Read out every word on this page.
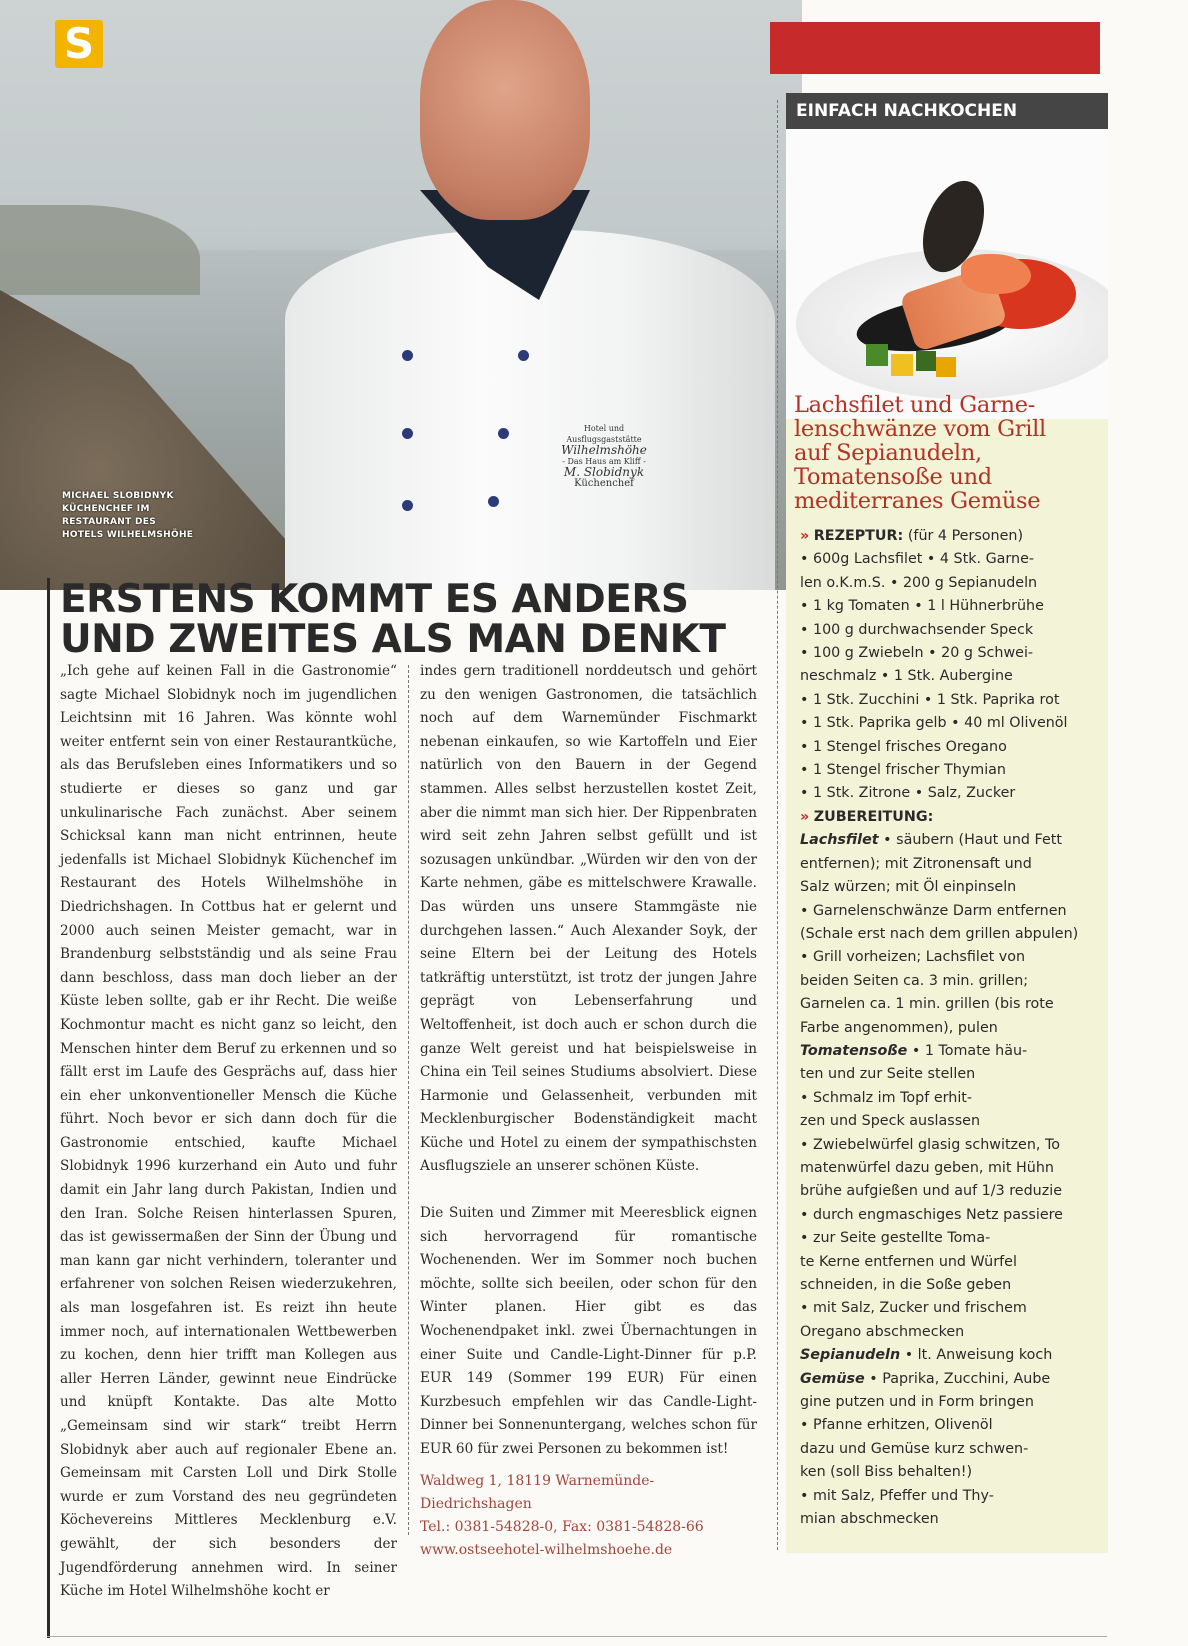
Hotel und Ausflugsgaststätte
Wilhelmshöhe
- Das Haus am Kliff -
M. Slobidnyk
Küchenchef
MICHAEL SLOBIDNYK
KÜCHENCHEF IM
RESTAURANT DES
HOTELS WILHELMSHÖHE
S
ERSTENS KOMMT ES ANDERS
UND ZWEITES ALS MAN DENKT

„Ich gehe auf keinen Fall in die Gastronomie“ sagte Michael Slobidnyk noch im jugendlichen Leichtsinn mit 16 Jahren. Was könnte wohl weiter entfernt sein von einer Restaurantküche, als das Berufsleben eines Informatikers und so studierte er dieses so ganz und gar unkulinarische Fach zunächst. Aber seinem Schicksal kann man nicht entrinnen, heute jedenfalls ist Michael Slobidnyk Küchenchef im Restaurant des Hotels Wilhelmshöhe in Diedrichshagen. In Cottbus hat er gelernt und 2000 auch seinen Meister gemacht, war in Brandenburg selbstständig und als seine Frau dann beschloss, dass man doch lieber an der Küste leben sollte, gab er ihr Recht. Die weiße Kochmontur macht es nicht ganz so leicht, den Menschen hinter dem Beruf zu erkennen und so fällt erst im Laufe des Gesprächs auf, dass hier ein eher unkonventioneller Mensch die Küche führt. Noch bevor er sich dann doch für die Gastronomie entschied, kaufte Michael Slobidnyk 1996 kurzerhand ein Auto und fuhr damit ein Jahr lang durch Pakistan, Indien und den Iran. Solche Reisen hinterlassen Spuren, das ist gewissermaßen der Sinn der Übung und man kann gar nicht verhindern, toleranter und erfahrener von solchen Reisen wiederzukehren, als man losgefahren ist. Es reizt ihn heute immer noch, auf internationalen Wettbewerben zu kochen, denn hier trifft man Kollegen aus aller Herren Länder, gewinnt neue Eindrücke und knüpft Kontakte. Das alte Motto „Gemeinsam sind wir stark“ treibt Herrn Slobidnyk aber auch auf regionaler Ebene an. Gemeinsam mit Carsten Loll und Dirk Stolle wurde er zum Vorstand des neu gegründeten Köchevereins Mittleres Mecklenburg e.V. gewählt, der sich besonders der Jugendförderung annehmen wird. In seiner Küche im Hotel Wilhelmshöhe kocht er

indes gern traditionell norddeutsch und gehört zu den wenigen Gastronomen, die tatsächlich noch auf dem Warnemünder Fischmarkt nebenan einkaufen, so wie Kartoffeln und Eier natürlich von den Bauern in der Gegend stammen. Alles selbst herzustellen kostet Zeit, aber die nimmt man sich hier. Der Rippenbraten wird seit zehn Jahren selbst gefüllt und ist sozusagen unkündbar. „Würden wir den von der Karte nehmen, gäbe es mittelschwere Krawalle. Das würden uns unsere Stammgäste nie durchgehen lassen.“ Auch Alexander Soyk, der seine Eltern bei der Leitung des Hotels tatkräftig unterstützt, ist trotz der jungen Jahre geprägt von Lebenserfahrung und Weltoffenheit, ist doch auch er schon durch die ganze Welt gereist und hat beispielsweise in China ein Teil seines Studiums absolviert. Diese Harmonie und Gelassenheit, verbunden mit Mecklenburgischer Bodenständigkeit macht Küche und Hotel zu einem der sympathischsten Ausflugsziele an unserer schönen Küste.

Die Suiten und Zimmer mit Meeresblick eignen sich hervorragend für romantische Wochenenden. Wer im Sommer noch buchen möchte, sollte sich beeilen, oder schon für den Winter planen. Hier gibt es das Wochenendpaket inkl. zwei Übernachtungen in einer Suite und Candle-Light-Dinner für p.P. EUR 149 (Sommer 199 EUR) Für einen Kurzbesuch empfehlen wir das Candle-Light-Dinner bei Sonnenuntergang, welches schon für EUR 60 für zwei Personen zu bekommen ist!

Waldweg 1, 18119 Warnemünde-Diedrichshagen
Tel.: 0381-54828-0, Fax: 0381-54828-66
www.ostseehotel-wilhelmshoehe.de
EINFACH NACHKOCHEN
Lachsfilet und Garne-
lenschwänze vom Grill
auf Sepianudeln,
Tomatensoße und
mediterranes Gemüse
» REZEPTUR: (für 4 Personen)
• 600g Lachsfilet • 4 Stk. Garne-
len o.K.m.S. • 200 g Sepianudeln
• 1 kg Tomaten • 1 l Hühnerbrühe
• 100 g durchwachsender Speck
• 100 g Zwiebeln • 20 g Schwei-
neschmalz • 1 Stk. Aubergine
• 1 Stk. Zucchini • 1 Stk. Paprika rot
• 1 Stk. Paprika gelb • 40 ml Olivenöl
• 1 Stengel frisches Oregano
• 1 Stengel frischer Thymian
• 1 Stk. Zitrone • Salz, Zucker
» ZUBEREITUNG:
Lachsfilet • säubern (Haut und Fett
entfernen); mit Zitronensaft und
Salz würzen; mit Öl einpinseln
• Garnelenschwänze Darm entfernen
(Schale erst nach dem grillen abpulen)
• Grill vorheizen; Lachsfilet von
beiden Seiten ca. 3 min. grillen;
Garnelen ca. 1 min. grillen (bis rote
Farbe angenommen), pulen
Tomatensoße • 1 Tomate häu-
ten und zur Seite stellen
• Schmalz im Topf erhit-
zen und Speck auslassen
• Zwiebelwürfel glasig schwitzen, To
matenwürfel dazu geben, mit Hühn
brühe aufgießen und auf 1/3 reduzie
• durch engmaschiges Netz passiere
• zur Seite gestellte Toma-
te Kerne entfernen und Würfel
schneiden, in die Soße geben
• mit Salz, Zucker und frischem
Oregano abschmecken
Sepianudeln • lt. Anweisung koch
Gemüse • Paprika, Zucchini, Aube
gine putzen und in Form bringen
• Pfanne erhitzen, Olivenöl
dazu und Gemüse kurz schwen-
ken (soll Biss behalten!)
• mit Salz, Pfeffer und Thy-
mian abschmecken
